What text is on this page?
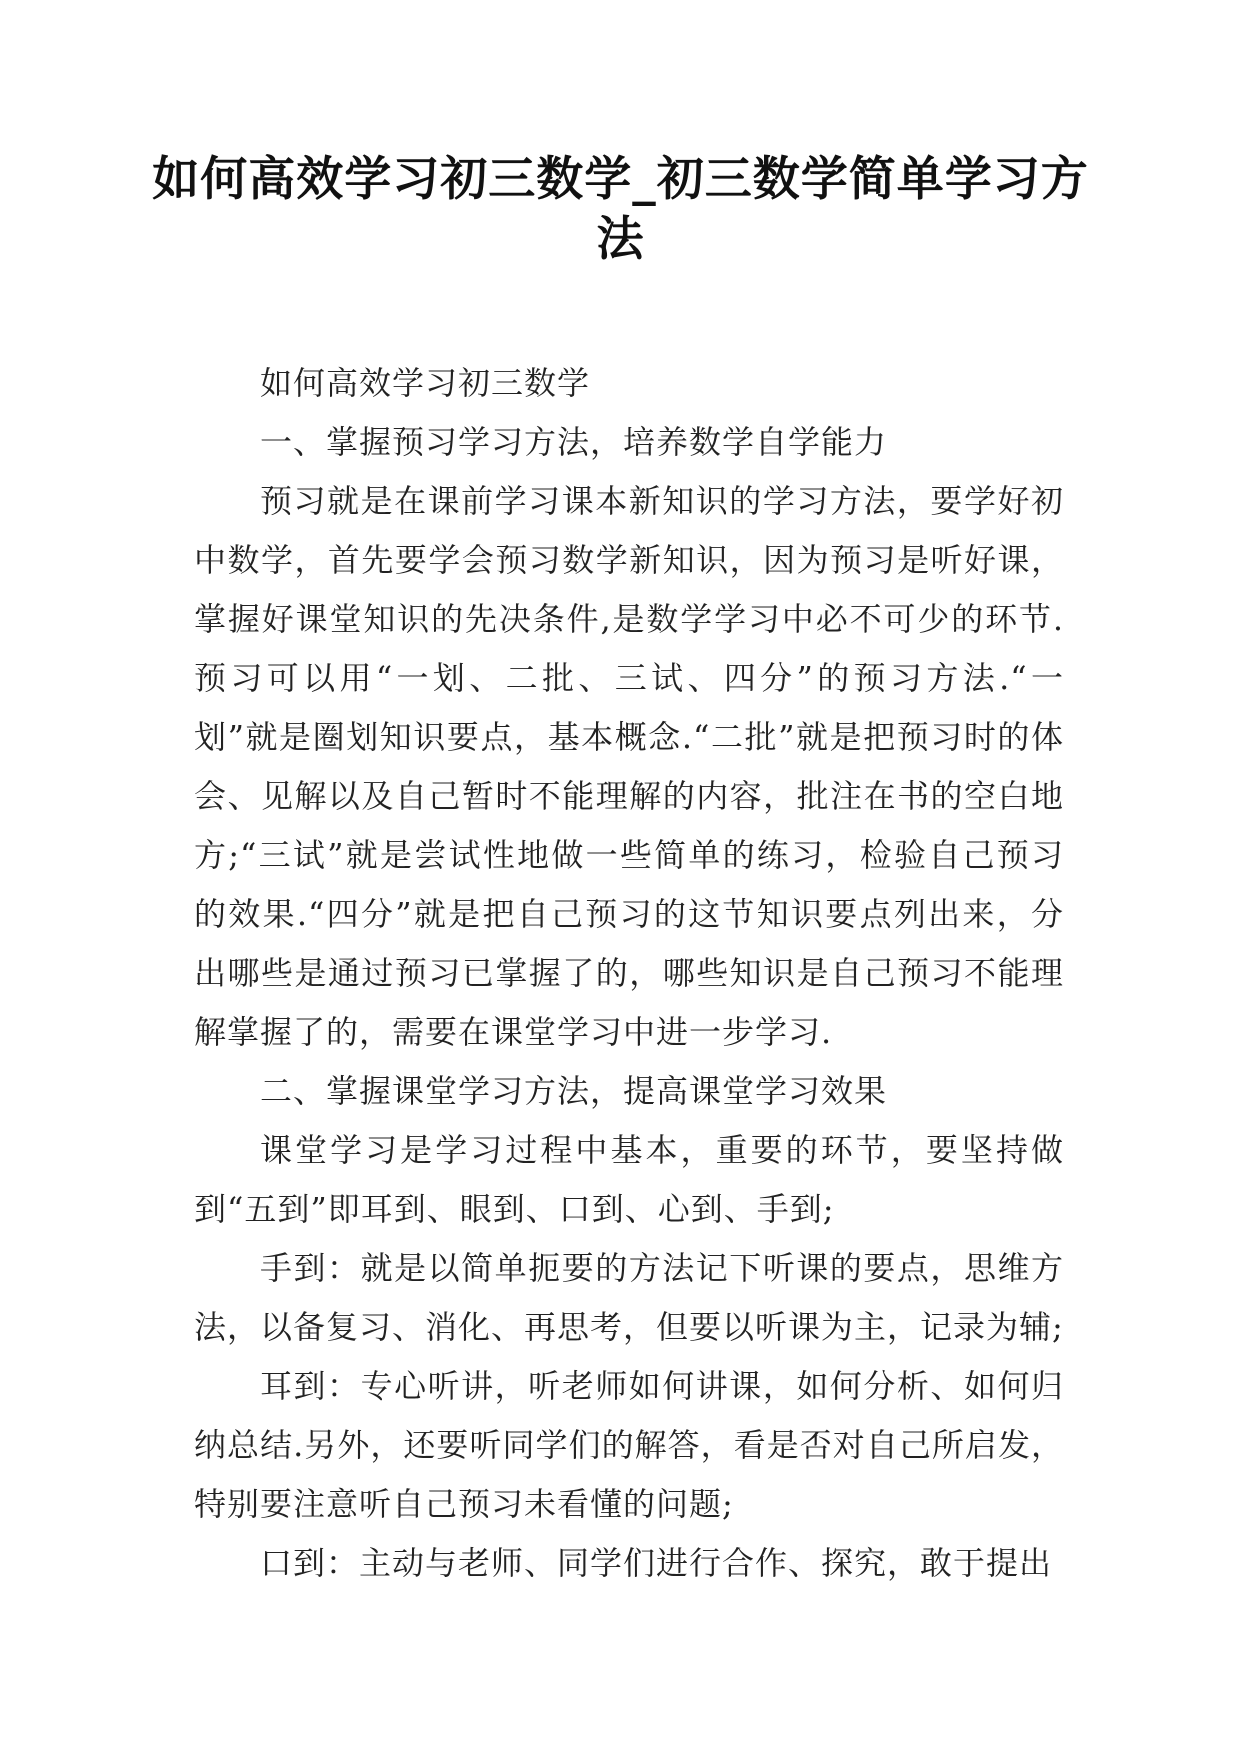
如何高效学习初三数学_初三数学简单学习方法

如何高效学习初三数学

一、掌握预习学习方法，培养数学自学能力

预习就是在课前学习课本新知识的学习方法，要学好初中数学，首先要学会预习数学新知识，因为预习是听好课，掌握好课堂知识的先决条件,是数学学习中必不可少的环节.预习可以用“一划、二批、三试、四分”的预习方法.“一划”就是圈划知识要点，基本概念.“二批”就是把预习时的体会、见解以及自己暂时不能理解的内容，批注在书的空白地方;“三试”就是尝试性地做一些简单的练习，检验自己预习的效果.“四分”就是把自己预习的这节知识要点列出来，分出哪些是通过预习已掌握了的，哪些知识是自己预习不能理解掌握了的，需要在课堂学习中进一步学习.

二、掌握课堂学习方法，提高课堂学习效果

课堂学习是学习过程中基本，重要的环节，要坚持做到“五到”即耳到、眼到、口到、心到、手到;

手到：就是以简单扼要的方法记下听课的要点，思维方法，以备复习、消化、再思考，但要以听课为主，记录为辅;

耳到：专心听讲，听老师如何讲课，如何分析、如何归纳总结.另外，还要听同学们的解答，看是否对自己所启发，特别要注意听自己预习未看懂的问题;

口到：主动与老师、同学们进行合作、探究，敢于提出
